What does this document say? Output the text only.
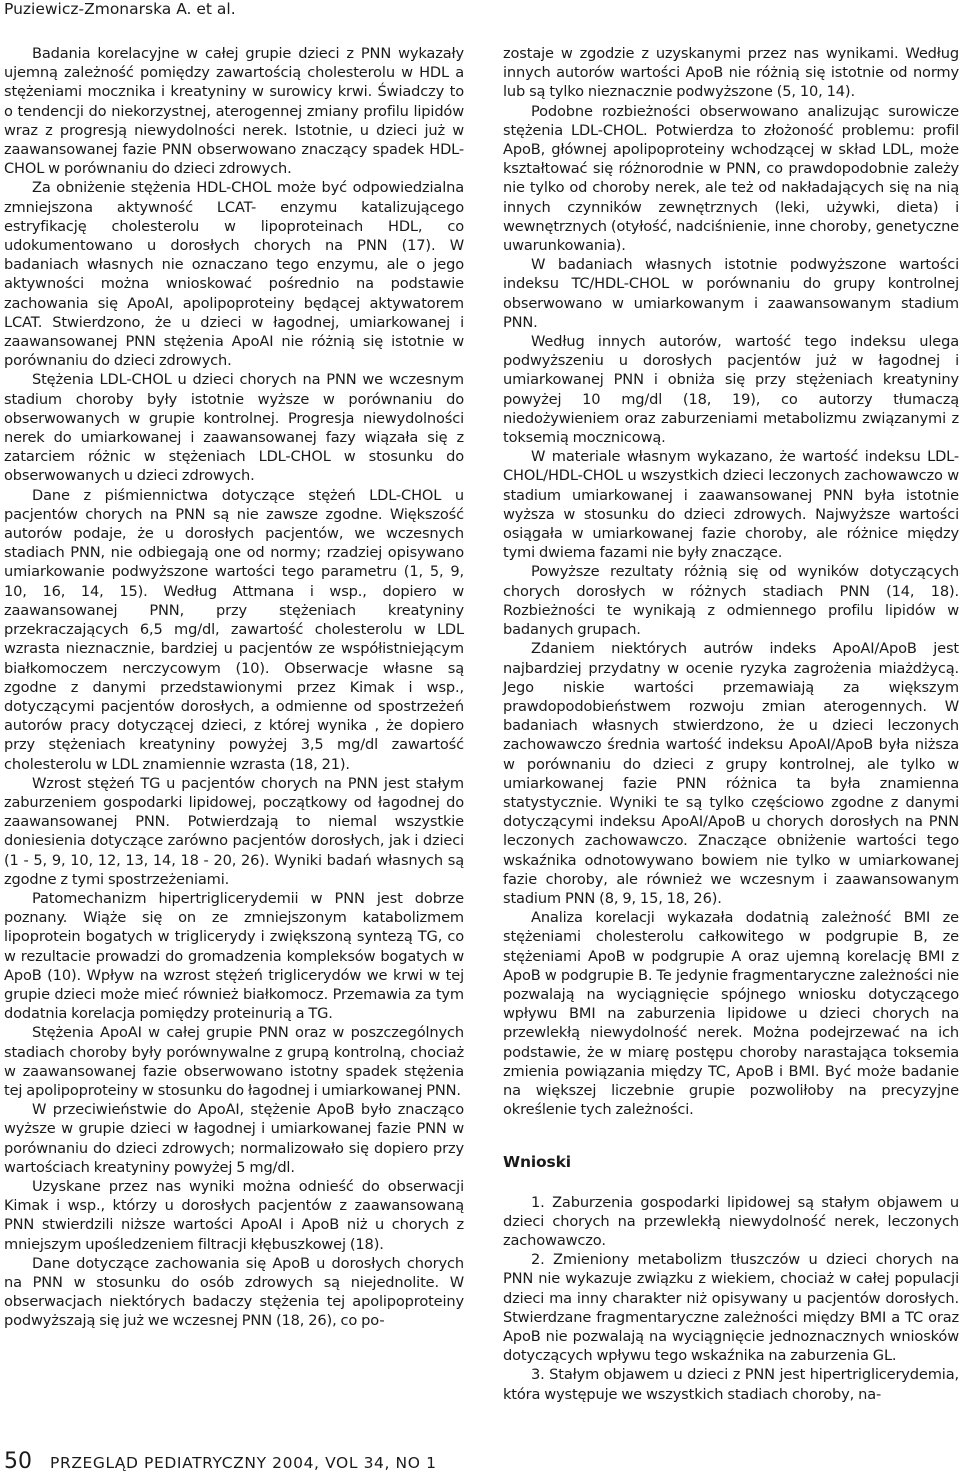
Puziewicz-Zmonarska A. et al.

Badania korelacyjne w całej grupie dzieci z PNN wykazały ujemną zależność pomiędzy zawartością cholesterolu w HDL a stężeniami mocznika i kreatyniny w surowicy krwi. Świadczy to o tendencji do niekorzystnej, aterogennej zmiany profilu lipidów wraz z progresją niewydolności nerek. Istotnie, u dzieci już w zaawansowanej fazie PNN obserwowano znaczący spadek HDL-CHOL w porównaniu do dzieci zdrowych.

Za obniżenie stężenia HDL-CHOL może być odpowiedzialna zmniejszona aktywność LCAT- enzymu katalizującego estryfikację cholesterolu w lipoproteinach HDL, co udokumentowano u dorosłych chorych na PNN (17). W badaniach własnych nie oznaczano tego enzymu, ale o jego aktywności można wnioskować pośrednio na podstawie zachowania się ApoAI, apolipoproteiny będącej aktywatorem LCAT. Stwierdzono, że u dzieci w łagodnej, umiarkowanej i zaawansowanej PNN stężenia ApoAI nie różnią się istotnie w porównaniu do dzieci zdrowych.

Stężenia LDL-CHOL u dzieci chorych na PNN we wczesnym stadium choroby były istotnie wyższe w porównaniu do obserwowanych w grupie kontrolnej. Progresja niewydolności nerek do umiarkowanej i zaawansowanej fazy wiązała się z zatarciem różnic w stężeniach LDL-CHOL w stosunku do obserwowanych u dzieci zdrowych.

Dane z piśmiennictwa dotyczące stężeń LDL-CHOL u pacjentów chorych na PNN są nie zawsze zgodne. Większość autorów podaje, że u dorosłych pacjentów, we wczesnych stadiach PNN, nie odbiegają one od normy; rzadziej opisywano umiarkowanie podwyższone wartości tego parametru (1, 5, 9, 10, 16, 14, 15). Według Attmana i wsp., dopiero w zaawansowanej PNN, przy stężeniach kreatyniny przekraczających 6,5 mg/dl, zawartość cholesterolu w LDL wzrasta nieznacznie, bardziej u pacjentów ze współistniejącym białkomoczem nerczycowym (10). Obserwacje własne są zgodne z danymi przedstawionymi przez Kimak i wsp., dotyczącymi pacjentów dorosłych, a odmienne od spostrzeżeń autorów pracy dotyczącej dzieci, z której wynika , że dopiero przy stężeniach kreatyniny powyżej 3,5 mg/dl zawartość cholesterolu w LDL znamiennie wzrasta (18, 21).

Wzrost stężeń TG u pacjentów chorych na PNN jest stałym zaburzeniem gospodarki lipidowej, początkowy od łagodnej do zaawansowanej PNN. Potwierdzają to niemal wszystkie doniesienia dotyczące zarówno pacjentów dorosłych, jak i dzieci (1 - 5, 9, 10, 12, 13, 14, 18 - 20, 26). Wyniki badań własnych są zgodne z tymi spostrzeżeniami.

Patomechanizm hipertriglicerydemii w PNN jest dobrze poznany. Wiąże się on ze zmniejszonym katabolizmem lipoprotein bogatych w triglicerydy i zwiększoną syntezą TG, co w rezultacie prowadzi do gromadzenia kompleksów bogatych w ApoB (10). Wpływ na wzrost stężeń triglicerydów we krwi w tej grupie dzieci może mieć również białkomocz. Przemawia za tym dodatnia korelacja pomiędzy proteinurią a TG.

Stężenia ApoAI w całej grupie PNN oraz w poszczególnych stadiach choroby były porównywalne z grupą kontrolną, chociaż w zaawansowanej fazie obserwowano istotny spadek stężenia tej apolipoproteiny w stosunku do łagodnej i umiarkowanej PNN.

W przeciwieństwie do ApoAI, stężenie ApoB było znacząco wyższe w grupie dzieci w łagodnej i umiarkowanej fazie PNN w porównaniu do dzieci zdrowych; normalizowało się dopiero przy wartościach kreatyniny powyżej 5 mg/dl.

Uzyskane przez nas wyniki można odnieść do obserwacji Kimak i wsp., którzy u dorosłych pacjentów z zaawansowaną PNN stwierdzili niższe wartości ApoAI i ApoB niż u chorych z mniejszym upośledzeniem filtracji kłębuszkowej (18).

Dane dotyczące zachowania się ApoB u dorosłych chorych na PNN w stosunku do osób zdrowych są niejednolite. W obserwacjach niektórych badaczy stężenia tej apolipoproteiny podwyższają się już we wczesnej PNN (18, 26), co po-

zostaje w zgodzie z uzyskanymi przez nas wynikami. Według innych autorów wartości ApoB nie różnią się istotnie od normy lub są tylko nieznacznie podwyższone (5, 10, 14).

Podobne rozbieżności obserwowano analizując surowicze stężenia LDL-CHOL. Potwierdza to złożoność problemu: profil ApoB, głównej apolipoproteiny wchodzącej w skład LDL, może kształtować się różnorodnie w PNN, co prawdopodobnie zależy nie tylko od choroby nerek, ale też od nakładających się na nią innych czynników zewnętrznych (leki, używki, dieta) i wewnętrznych (otyłość, nadciśnienie, inne choroby, genetyczne uwarunkowania).

W badaniach własnych istotnie podwyższone wartości indeksu TC/HDL-CHOL w porównaniu do grupy kontrolnej obserwowano w umiarkowanym i zaawansowanym stadium PNN.

Według innych autorów, wartość tego indeksu ulega podwyższeniu u dorosłych pacjentów już w łagodnej i umiarkowanej PNN i obniża się przy stężeniach kreatyniny powyżej 10 mg/dl (18, 19), co autorzy tłumaczą niedożywieniem oraz zaburzeniami metabolizmu związanymi z toksemią mocznicową.

W materiale własnym wykazano, że wartość indeksu LDL-CHOL/HDL-CHOL u wszystkich dzieci leczonych zachowawczo w stadium umiarkowanej i zaawansowanej PNN była istotnie wyższa w stosunku do dzieci zdrowych. Najwyższe wartości osiągała w umiarkowanej fazie choroby, ale różnice między tymi dwiema fazami nie były znaczące.

Powyższe rezultaty różnią się od wyników dotyczących chorych dorosłych w różnych stadiach PNN (14, 18). Rozbieżności te wynikają z odmiennego profilu lipidów w badanych grupach.

Zdaniem niektórych autrów indeks ApoAI/ApoB jest najbardziej przydatny w ocenie ryzyka zagrożenia miażdżycą. Jego niskie wartości przemawiają za większym prawdopodobieństwem rozwoju zmian aterogennych. W badaniach własnych stwierdzono, że u dzieci leczonych zachowawczo średnia wartość indeksu ApoAI/ApoB była niższa w porównaniu do dzieci z grupy kontrolnej, ale tylko w umiarkowanej fazie PNN różnica ta była znamienna statystycznie. Wyniki te są tylko częściowo zgodne z danymi dotyczącymi indeksu ApoAI/ApoB u chorych dorosłych na PNN leczonych zachowawczo. Znaczące obniżenie wartości tego wskaźnika odnotowywano bowiem nie tylko w umiarkowanej fazie choroby, ale również we wczesnym i zaawansowanym stadium PNN (8, 9, 15, 18, 26).

Analiza korelacji wykazała dodatnią zależność BMI ze stężeniami cholesterolu całkowitego w podgrupie B, ze stężeniami ApoB w podgrupie A oraz ujemną korelację BMI z ApoB w podgrupie B. Te jedynie fragmentaryczne zależności nie pozwalają na wyciągnięcie spójnego wniosku dotyczącego wpływu BMI na zaburzenia lipidowe u dzieci chorych na przewlekłą niewydolność nerek. Można podejrzewać na ich podstawie, że w miarę postępu choroby narastająca toksemia zmienia powiązania między TC, ApoB i BMI. Być może badanie na większej liczebnie grupie pozwoliłoby na precyzyjne określenie tych zależności.

Wnioski

1. Zaburzenia gospodarki lipidowej są stałym objawem u dzieci chorych na przewlekłą niewydolność nerek, leczonych zachowawczo.

2. Zmieniony metabolizm tłuszczów u dzieci chorych na PNN nie wykazuje związku z wiekiem, chociaż w całej populacji dzieci ma inny charakter niż opisywany u pacjentów dorosłych. Stwierdzane fragmentaryczne zależności między BMI a TC oraz ApoB nie pozwalają na wyciągnięcie jednoznacznych wniosków dotyczących wpływu tego wskaźnika na zaburzenia GL.

3. Stałym objawem u dzieci z PNN jest hipertriglicerydemia, która występuje we wszystkich stadiach choroby, na-

50 PRZEGLĄD PEDIATRYCZNY 2004, VOL 34, NO 1
